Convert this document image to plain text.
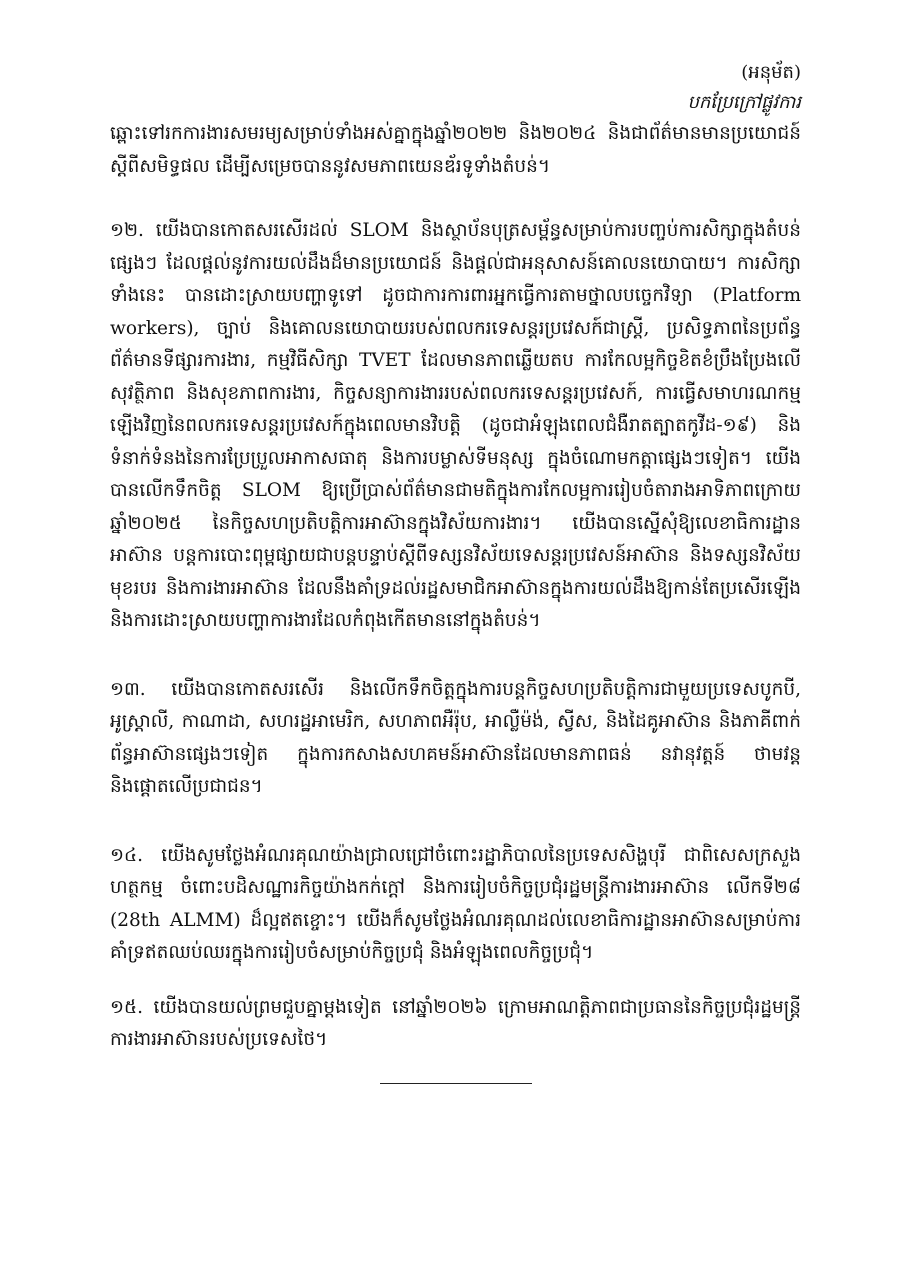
(អនុម័ត)
បកប្រែក្រៅផ្លូវការ

ឆ្ពោះទៅរកការងារសមរម្យសម្រាប់ទាំងអស់គ្នាក្នុងឆ្នាំ២០២២ និង២០២៤ និងជាព័ត៌មានមានប្រយោជន៍ ស្តីពីសមិទ្ធផល ដើម្បីសម្រេចបាននូវសមភាពយេនឌ័រទូទាំងតំបន់។

១២. យើងបានកោតសរសើរដល់ SLOM និងស្ថាប័នបុត្រសម្ព័ន្ធសម្រាប់ការបញ្ចប់ការសិក្សាក្នុងតំបន់ផ្សេងៗ ដែលផ្តល់នូវការយល់ដឹងដ៏មានប្រយោជន៍ និងផ្តល់ជាអនុសាសន៍គោលនយោបាយ។ ការសិក្សាទាំងនេះ បានដោះស្រាយបញ្ហាទូទៅ ដូចជាការការពារអ្នកធ្វើការតាមថ្នាលបច្ចេកវិទ្យា (Platform workers), ច្បាប់ និងគោលនយោបាយរបស់ពលករទេសន្តរប្រវេសក៍ជាស្ត្រី, ប្រសិទ្ធភាពនៃប្រព័ន្ធព័ត៌មានទីផ្សារការងារ, កម្មវិធីសិក្សា TVET ដែលមានភាពឆ្លើយតប ការកែលម្អកិច្ចខិតខំប្រឹងប្រែងលើសុវត្ថិភាព និងសុខភាពការងារ, កិច្ចសន្យាការងាររបស់ពលករទេសន្តរប្រវេសក៍, ការធ្វើសមាហរណកម្មឡើងវិញនៃពលករទេសន្តរប្រវេសក៍ក្នុងពេលមានវិបត្តិ (ដូចជាអំឡុងពេលជំងឺរាតត្បាតកូវីដ-១៩) និងទំនាក់ទំនងនៃការប្រែប្រួលអាកាសធាតុ និងការបម្លាស់ទីមនុស្ស ក្នុងចំណោមកត្តាផ្សេងៗទៀត។ យើងបានលើកទឹកចិត្ត SLOM ឱ្យប្រើប្រាស់ព័ត៌មានជាមតិក្នុងការកែលម្អការរៀបចំតារាងអាទិភាពក្រោយឆ្នាំ២០២៥ នៃកិច្ចសហប្រតិបត្តិការអាស៊ានក្នុងវិស័យការងារ។ យើងបានស្នើសុំឱ្យលេខាធិការដ្ឋានអាស៊ាន បន្តការបោះពុម្ពផ្សាយជាបន្តបន្ទាប់ស្តីពីទស្សនវិស័យទេសន្តរប្រវេសន៍អាស៊ាន និងទស្សនវិស័យមុខរបរ និងការងារអាស៊ាន ដែលនឹងគាំទ្រដល់រដ្ឋសមាជិកអាស៊ានក្នុងការយល់ដឹងឱ្យកាន់តែប្រសើរឡើង និងការដោះស្រាយបញ្ហាការងារដែលកំពុងកើតមាននៅក្នុងតំបន់។

១៣. យើងបានកោតសរសើរ និងលើកទឹកចិត្តក្នុងការបន្តកិច្ចសហប្រតិបត្តិការជាមួយប្រទេសបូកបី, អូស្ត្រាលី, កាណាដា, សហរដ្ឋអាមេរិក, សហភាពអឺរ៉ុប, អាល្លឺម៉ង់, ស្វីស, និងដៃគូអាស៊ាន និងភាគីពាក់ព័ន្ធអាស៊ានផ្សេងៗទៀត ក្នុងការកសាងសហគមន៍អាស៊ានដែលមានភាពធន់ នវានុវត្តន៍ ថាមវន្ត និងផ្តោតលើប្រជាជន។

១៤. យើងសូមថ្លែងអំណរគុណយ៉ាងជ្រាលជ្រៅចំពោះរដ្ឋាភិបាលនៃប្រទេសសិង្ហបុរី ជាពិសេសក្រសួងហត្ថកម្ម ចំពោះបដិសណ្ឋារកិច្ចយ៉ាងកក់ក្តៅ និងការរៀបចំកិច្ចប្រជុំរដ្ឋមន្ត្រីការងារអាស៊ាន លើកទី២៨ (28th ALMM) ដ៏ល្អឥតខ្ចោះ។ យើងក៏សូមថ្លែងអំណរគុណដល់លេខាធិការដ្ឋានអាស៊ានសម្រាប់ការគាំទ្រឥតឈប់ឈរក្នុងការរៀបចំសម្រាប់កិច្ចប្រជុំ និងអំឡុងពេលកិច្ចប្រជុំ។

១៥. យើងបានយល់ព្រមជួបគ្នាម្តងទៀត នៅឆ្នាំ២០២៦ ក្រោមអាណត្តិភាពជាប្រធាននៃកិច្ចប្រជុំរដ្ឋមន្ត្រីការងារអាស៊ានរបស់ប្រទេសថៃ។
